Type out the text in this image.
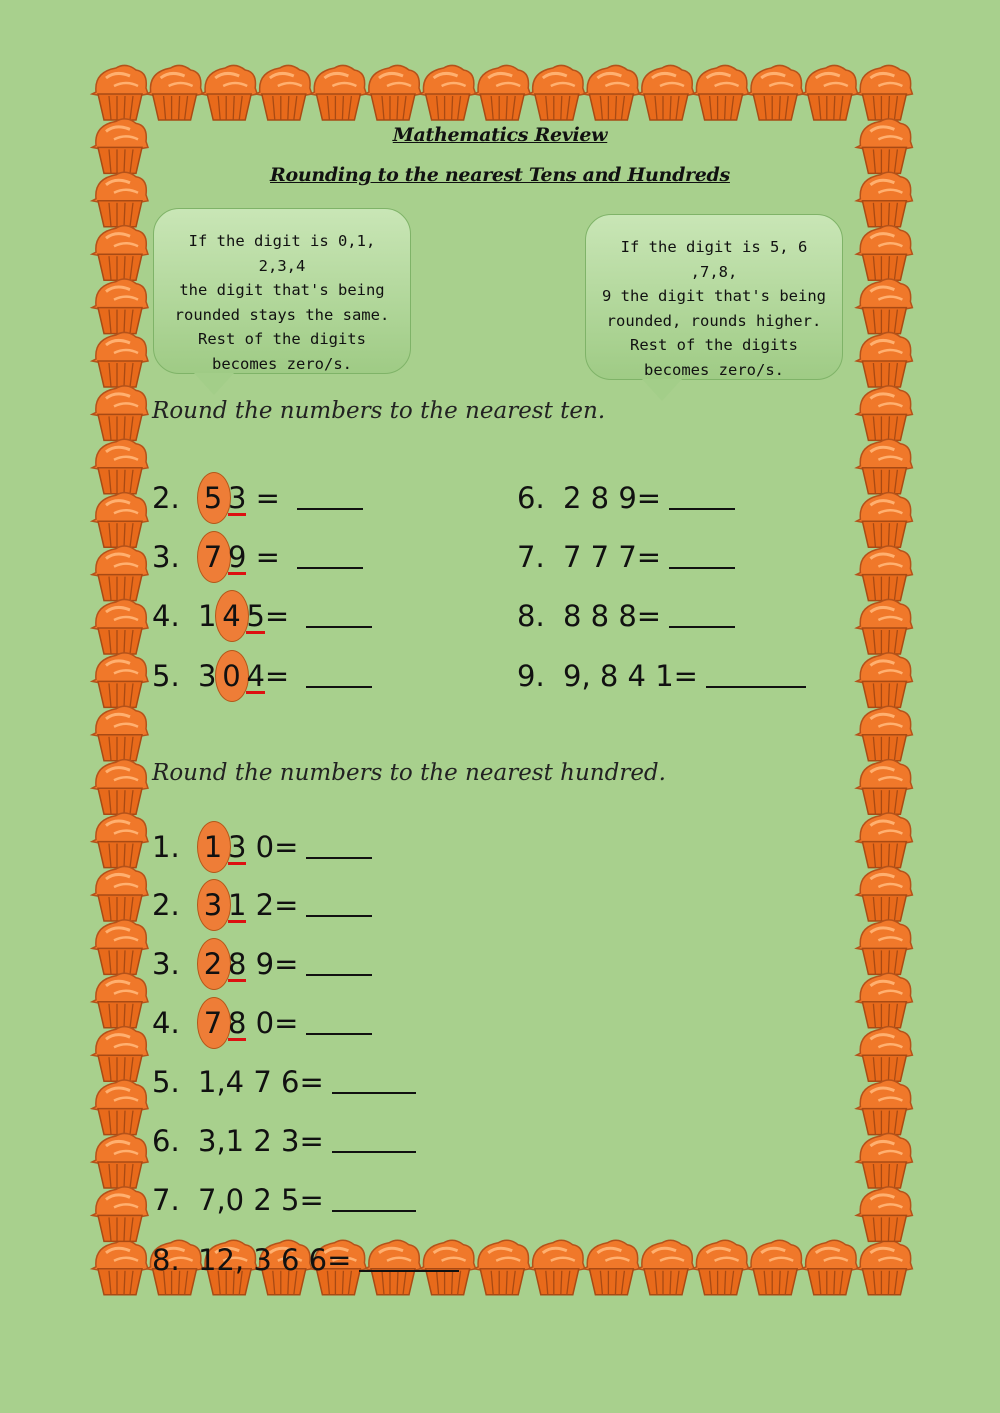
Mathematics Review
Rounding to the nearest Tens and Hundreds
If the digit is 0,1, 2,3,4
the digit that's being
rounded stays the same.
Rest of the digits
becomes zero/s.
If the digit is 5, 6 ,7,8,
9 the digit that's being
rounded, rounds higher.
Rest of the digits
becomes zero/s.
Round the numbers to the nearest ten.
2. 5 3 =
3. 7 9 =
4. 1 4 5=
5. 3 0 4=
6. 2 8 9=
7. 7 7 7=
8. 8 8 8=
9. 9, 8 4 1=
Round the numbers to the nearest hundred.
1. 1 3 0=
2. 3 1 2=
3. 2 8 9=
4. 7 8 0=
5. 1,4 7 6=
6. 3,1 2 3=
7. 7,0 2 5=
8. 12, 3 6 6=
